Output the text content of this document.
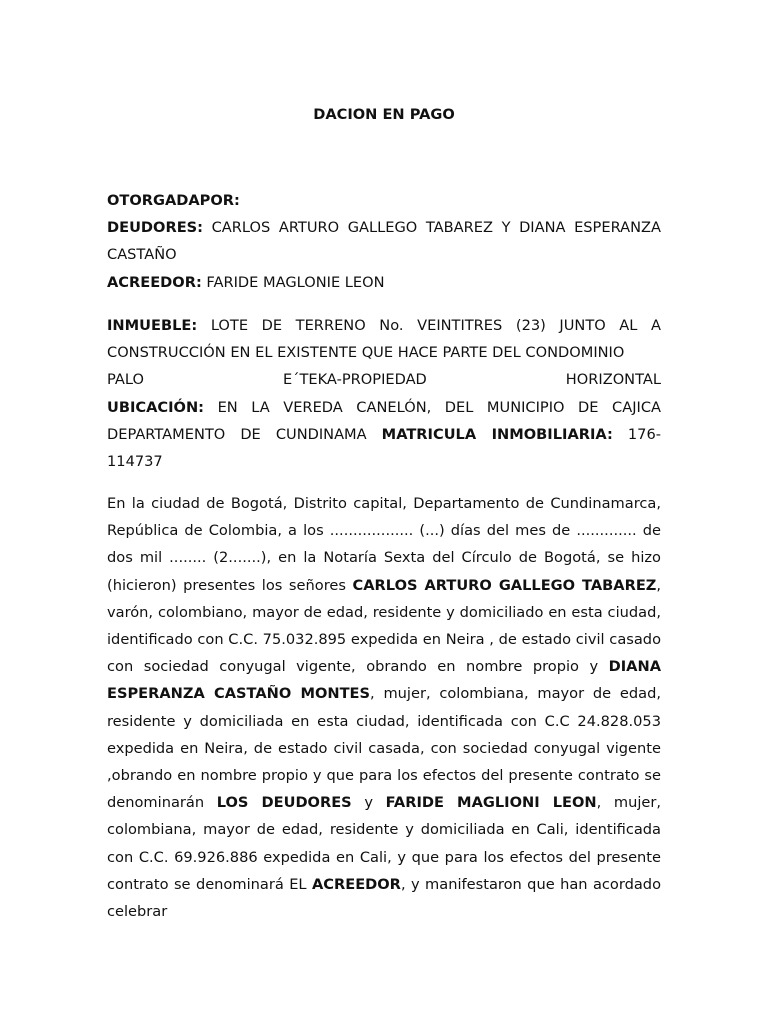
DACION EN PAGO
OTORGADAPOR:
DEUDORES: CARLOS ARTURO GALLEGO TABAREZ Y DIANA ESPERANZA CASTAÑO
ACREEDOR: FARIDE MAGLONIE LEON
INMUEBLE: LOTE DE TERRENO No. VEINTITRES (23) JUNTO AL A CONSTRUCCIÓN EN EL EXISTENTE QUE HACE PARTE DEL CONDOMINIO
PALO E´TEKA-PROPIEDAD HORIZONTAL
UBICACIÓN: EN LA VEREDA CANELÓN, DEL MUNICIPIO DE CAJICA DEPARTAMENTO DE CUNDINAMA MATRICULA INMOBILIARIA: 176-114737
En la ciudad de Bogotá, Distrito capital, Departamento de Cundinamarca, República de Colombia, a los .................. (...) días del mes de ............. de dos mil ........ (2.......), en la Notaría Sexta del Círculo de Bogotá, se hizo (hicieron) presentes los señores CARLOS ARTURO GALLEGO TABAREZ, varón, colombiano, mayor de edad, residente y domiciliado en esta ciudad, identificado con C.C. 75.032.895 expedida en Neira , de estado civil casado con sociedad conyugal vigente, obrando en nombre propio y DIANA ESPERANZA CASTAÑO MONTES, mujer, colombiana, mayor de edad, residente y domiciliada en esta ciudad, identificada con C.C 24.828.053 expedida en Neira, de estado civil casada, con sociedad conyugal vigente ,obrando en nombre propio y que para los efectos del presente contrato se denominarán LOS DEUDORES y FARIDE MAGLIONI LEON, mujer, colombiana, mayor de edad, residente y domiciliada en Cali, identificada con C.C. 69.926.886 expedida en Cali, y que para los efectos del presente contrato se denominará EL ACREEDOR, y manifestaron que han acordado celebrar
